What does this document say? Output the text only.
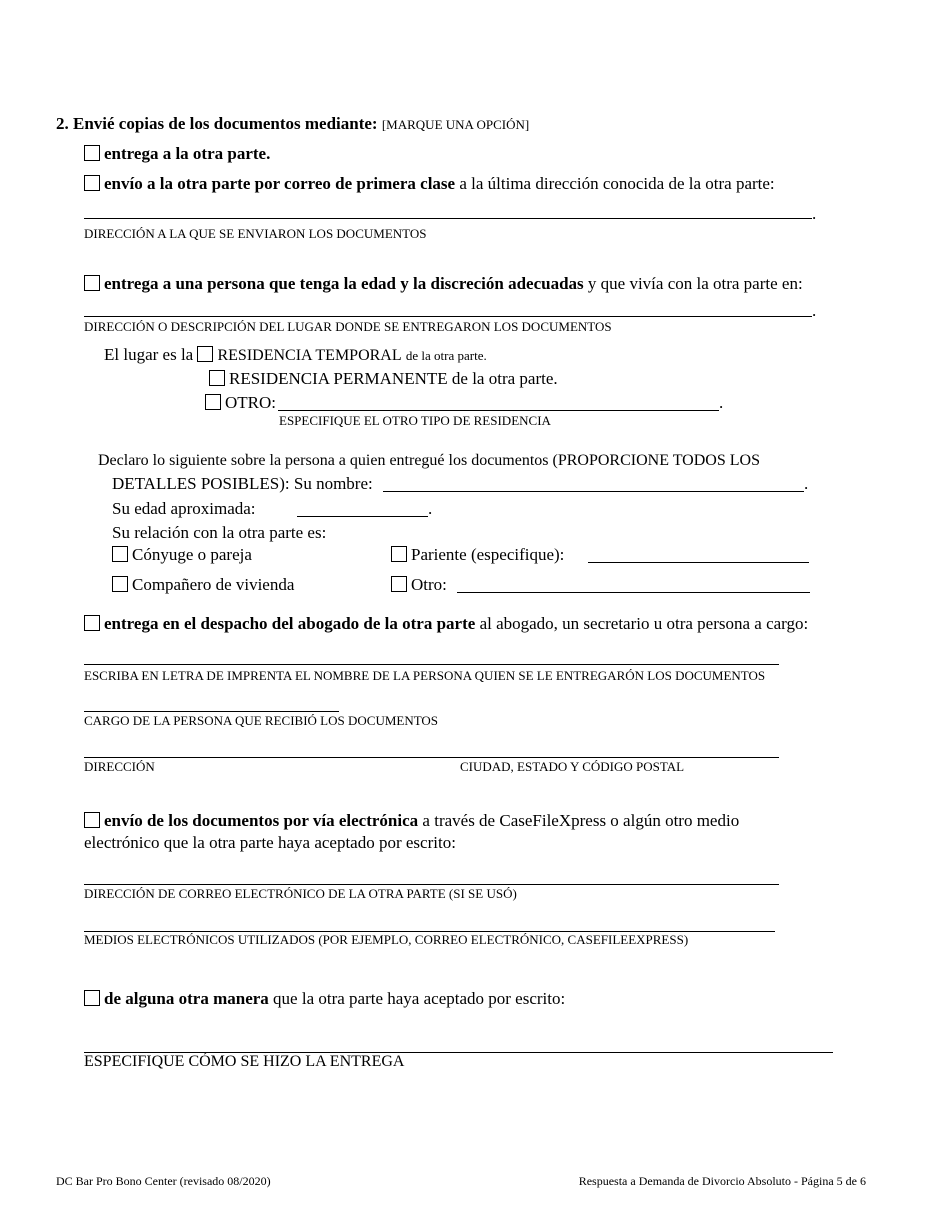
2. Envié copias de los documentos mediante: [MARQUE UNA OPCIÓN]
entrega a la otra parte.
envío a la otra parte por correo de primera clase a la última dirección conocida de la otra parte:
.
DIRECCIÓN A LA QUE SE ENVIARON LOS DOCUMENTOS
entrega a una persona que tenga la edad y la discreción adecuadas y que vivía con la otra parte en:
.
DIRECCIÓN O DESCRIPCIÓN DEL LUGAR DONDE SE ENTREGARON LOS DOCUMENTOS
El lugar es la RESIDENCIA TEMPORAL de la otra parte.
RESIDENCIA PERMANENTE de la otra parte.
OTRO:	.
ESPECIFIQUE EL OTRO TIPO DE RESIDENCIA
Declaro lo siguiente sobre la persona a quien entregué los documentos (PROPORCIONE TODOS LOS
DETALLES POSIBLES): Su nombre:	.
Su edad aproximada:	.
Su relación con la otra parte es:
Cónyuge o pareja	Pariente (especifique):
Compañero de vivienda	Otro:
entrega en el despacho del abogado de la otra parte al abogado, un secretario u otra persona a cargo:
ESCRIBA EN LETRA DE IMPRENTA EL NOMBRE DE LA PERSONA QUIEN SE LE ENTREGARÓN LOS DOCUMENTOS
CARGO DE LA PERSONA QUE RECIBIÓ LOS DOCUMENTOS
DIRECCIÓN	CIUDAD, ESTADO Y CÓDIGO POSTAL
envío de los documentos por vía electrónica a través de CaseFileXpress o algún otro medio
electrónico que la otra parte haya aceptado por escrito:
DIRECCIÓN DE CORREO ELECTRÓNICO DE LA OTRA PARTE (SI SE USÓ)
MEDIOS ELECTRÓNICOS UTILIZADOS (POR EJEMPLO, CORREO ELECTRÓNICO, CASEFILEEXPRESS)
de alguna otra manera que la otra parte haya aceptado por escrito:
ESPECIFIQUE CÓMO SE HIZO LA ENTREGA
DC Bar Pro Bono Center (revisado 08/2020)	Respuesta a Demanda de Divorcio Absoluto - Página 5 de 6
